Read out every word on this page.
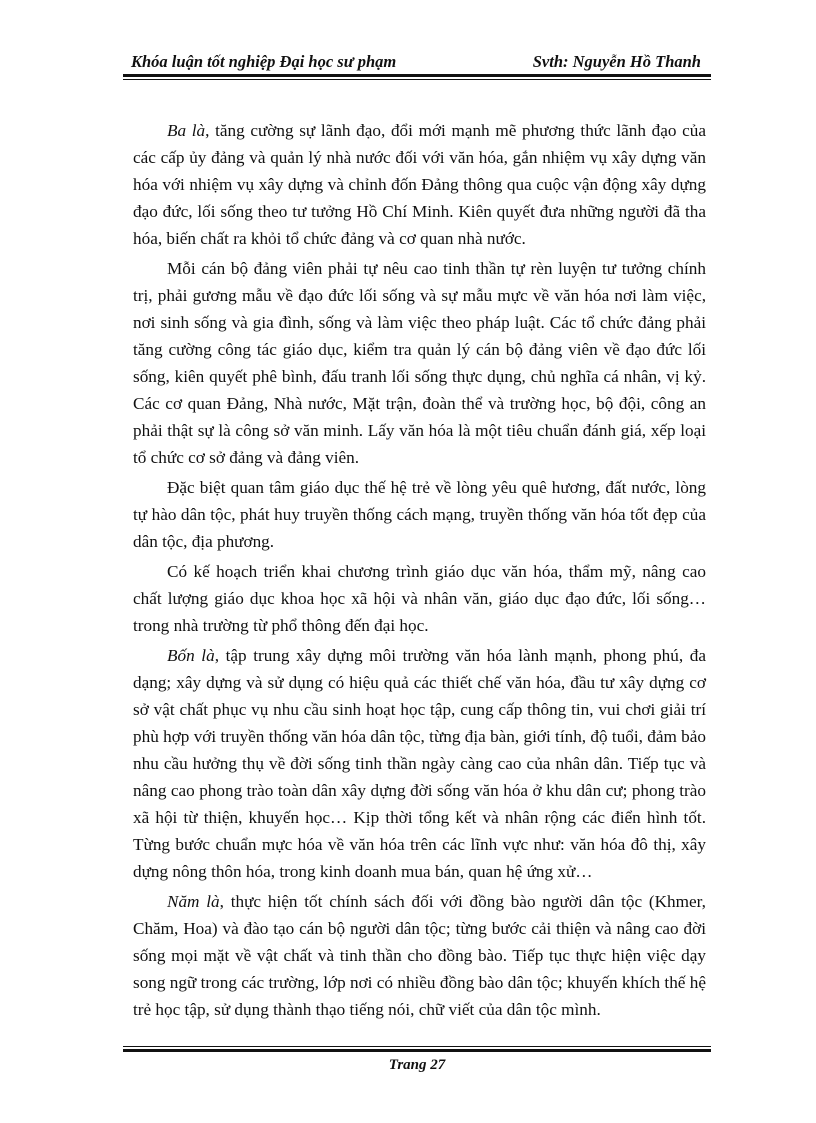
Khóa luận tốt nghiệp Đại học sư phạm	Svth: Nguyễn Hồ Thanh

Ba là, tăng cường sự lãnh đạo, đổi mới mạnh mẽ phương thức lãnh đạo của các cấp ủy đảng và quản lý nhà nước đối với văn hóa, gắn nhiệm vụ xây dựng văn hóa với nhiệm vụ xây dựng và chỉnh đốn Đảng thông qua cuộc vận động xây dựng đạo đức, lối sống theo tư tưởng Hồ Chí Minh. Kiên quyết đưa những người đã tha hóa, biến chất ra khỏi tổ chức đảng và cơ quan nhà nước.

Mỗi cán bộ đảng viên phải tự nêu cao tinh thần tự rèn luyện tư tưởng chính trị, phải gương mẫu về đạo đức lối sống và sự mẫu mực về văn hóa nơi làm việc, nơi sinh sống và gia đình, sống và làm việc theo pháp luật. Các tổ chức đảng phải tăng cường công tác giáo dục, kiểm tra quản lý cán bộ đảng viên về đạo đức lối sống, kiên quyết phê bình, đấu tranh lối sống thực dụng, chủ nghĩa cá nhân, vị kỷ. Các cơ quan Đảng, Nhà nước, Mặt trận, đoàn thể và trường học, bộ đội, công an phải thật sự là công sở văn minh. Lấy văn hóa là một tiêu chuẩn đánh giá, xếp loại tổ chức cơ sở đảng và đảng viên.

Đặc biệt quan tâm giáo dục thế hệ trẻ về lòng yêu quê hương, đất nước, lòng tự hào dân tộc, phát huy truyền thống cách mạng, truyền thống văn hóa tốt đẹp của dân tộc, địa phương.

Có kế hoạch triển khai chương trình giáo dục văn hóa, thẩm mỹ, nâng cao chất lượng giáo dục khoa học xã hội và nhân văn, giáo dục đạo đức, lối sống… trong nhà trường từ phổ thông đến đại học.

Bốn là, tập trung xây dựng môi trường văn hóa lành mạnh, phong phú, đa dạng; xây dựng và sử dụng có hiệu quả các thiết chế văn hóa, đầu tư xây dựng cơ sở vật chất phục vụ nhu cầu sinh hoạt học tập, cung cấp thông tin, vui chơi giải trí phù hợp với truyền thống văn hóa dân tộc, từng địa bàn, giới tính, độ tuổi, đảm bảo nhu cầu hưởng thụ về đời sống tinh thần ngày càng cao của nhân dân. Tiếp tục và nâng cao phong trào toàn dân xây dựng đời sống văn hóa ở khu dân cư; phong trào xã hội từ thiện, khuyến học… Kịp thời tổng kết và nhân rộng các điển hình tốt. Từng bước chuẩn mực hóa về văn hóa trên các lĩnh vực như: văn hóa đô thị, xây dựng nông thôn hóa, trong kinh doanh mua bán, quan hệ ứng xử…

Năm là, thực hiện tốt chính sách đối với đồng bào người dân tộc (Khmer, Chăm, Hoa) và đào tạo cán bộ người dân tộc; từng bước cải thiện và nâng cao đời sống mọi mặt về vật chất và tinh thần cho đồng bào. Tiếp tục thực hiện việc dạy song ngữ trong các trường, lớp nơi có nhiều đồng bào dân tộc; khuyến khích thế hệ trẻ học tập, sử dụng thành thạo tiếng nói, chữ viết của dân tộc mình.

Trang 27
